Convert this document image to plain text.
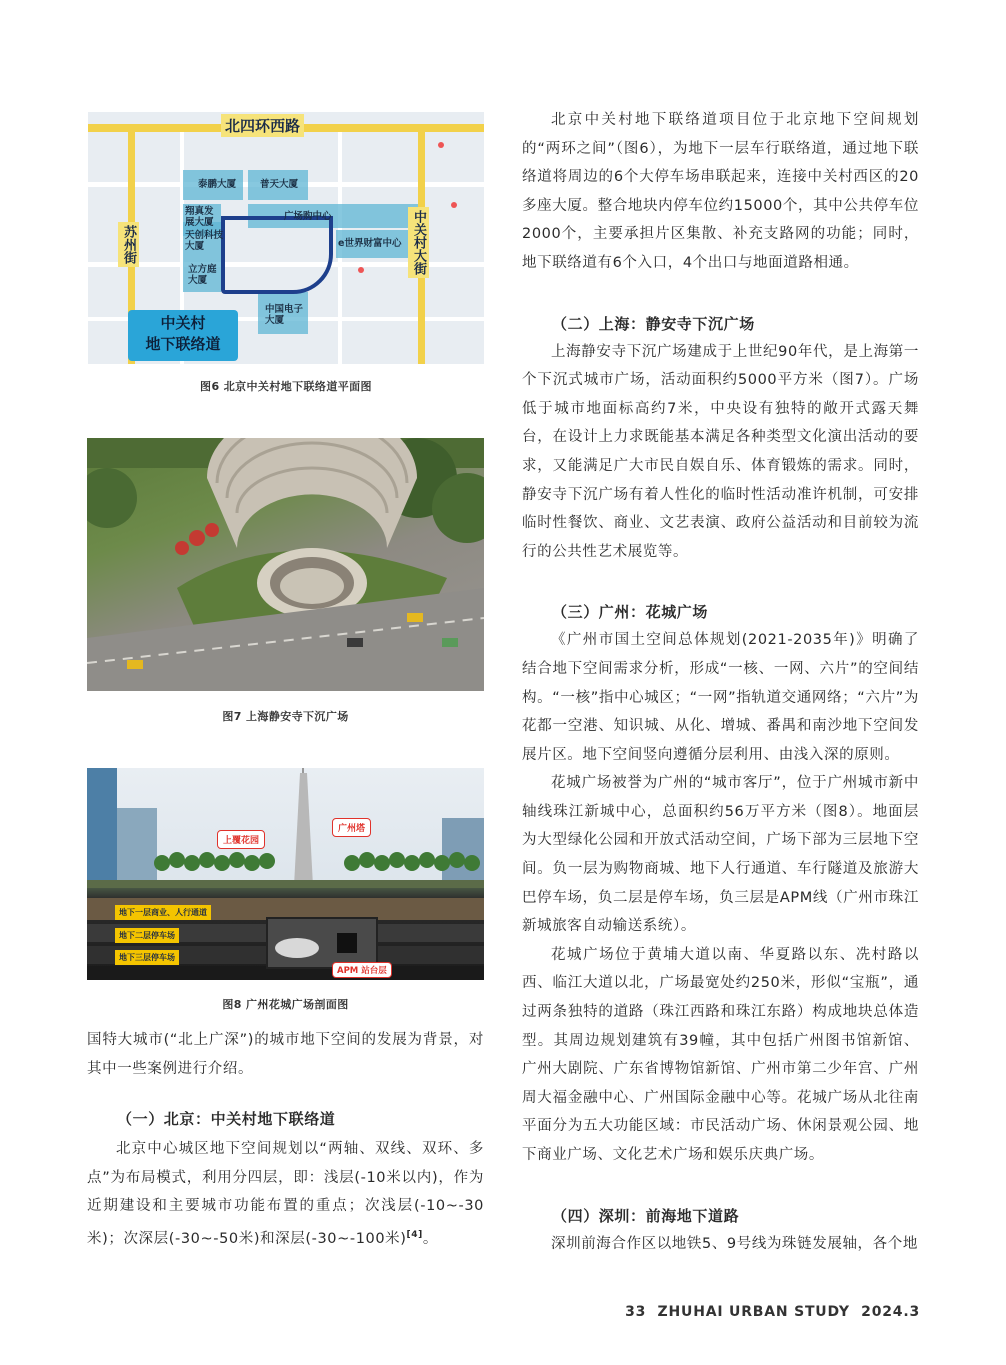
北四环西路
苏州街	中关村大街
泰鹏大厦	普天大厦
翔真发展大厦
广场购中心
天创科技大厦	e世界财富中心
立方庭大厦
中国电子大厦
中关村
地下联络道
图6 北京中关村地下联络道平面图
图7 上海静安寺下沉广场
上覆花园
广州塔
地下一层商业、人行通道
地下二层停车场
地下三层停车场
APM 站台层
图8 广州花城广场剖面图

国特大城市(“北上广深”)的城市地下空间的发展为背景，对其中一些案例进行介绍。

（一）北京：中关村地下联络道

北京中心城区地下空间规划以“两轴、双线、双环、多点”为布局模式，利用分四层，即：浅层(-10米以内)，作为近期建设和主要城市功能布置的重点；次浅层(-10~-30米)；次深层(-30~-50米)和深层(-30~-100米)[4]。

北京中关村地下联络道项目位于北京地下空间规划的“两环之间”（图6），为地下一层车行联络道，通过地下联络道将周边的6个大停车场串联起来，连接中关村西区的20多座大厦。整合地块内停车位约15000个，其中公共停车位2000个，主要承担片区集散、补充支路网的功能；同时，地下联络道有6个入口，4个出口与地面道路相通。

（二）上海：静安寺下沉广场

上海静安寺下沉广场建成于上世纪90年代，是上海第一个下沉式城市广场，活动面积约5000平方米（图7）。广场低于城市地面标高约7米，中央设有独特的敞开式露天舞台，在设计上力求既能基本满足各种类型文化演出活动的要求，又能满足广大市民自娱自乐、体育锻炼的需求。同时，静安寺下沉广场有着人性化的临时性活动准许机制，可安排临时性餐饮、商业、文艺表演、政府公益活动和目前较为流行的公共性艺术展览等。

（三）广州：花城广场

《广州市国土空间总体规划(2021-2035年)》明确了结合地下空间需求分析，形成“一核、一网、六片”的空间结构。“一核”指中心城区；“一网”指轨道交通网络；“六片”为花都一空港、知识城、从化、增城、番禺和南沙地下空间发展片区。地下空间竖向遵循分层利用、由浅入深的原则。

花城广场被誉为广州的“城市客厅”，位于广州城市新中轴线珠江新城中心，总面积约56万平方米（图8）。地面层为大型绿化公园和开放式活动空间，广场下部为三层地下空间。负一层为购物商城、地下人行通道、车行隧道及旅游大巴停车场，负二层是停车场，负三层是APM线（广州市珠江新城旅客自动输送系统）。

花城广场位于黄埔大道以南、华夏路以东、冼村路以西、临江大道以北，广场最宽处约250米，形似“宝瓶”，通过两条独特的道路（珠江西路和珠江东路）构成地块总体造型。其周边规划建筑有39幢，其中包括广州图书馆新馆、广州大剧院、广东省博物馆新馆、广州市第二少年宫、广州周大福金融中心、广州国际金融中心等。花城广场从北往南平面分为五大功能区域：市民活动广场、休闲景观公园、地下商业广场、文化艺术广场和娱乐庆典广场。

（四）深圳：前海地下道路

深圳前海合作区以地铁5、9号线为珠链发展轴，各个地

33  ZHUHAI URBAN STUDY  2024.3
